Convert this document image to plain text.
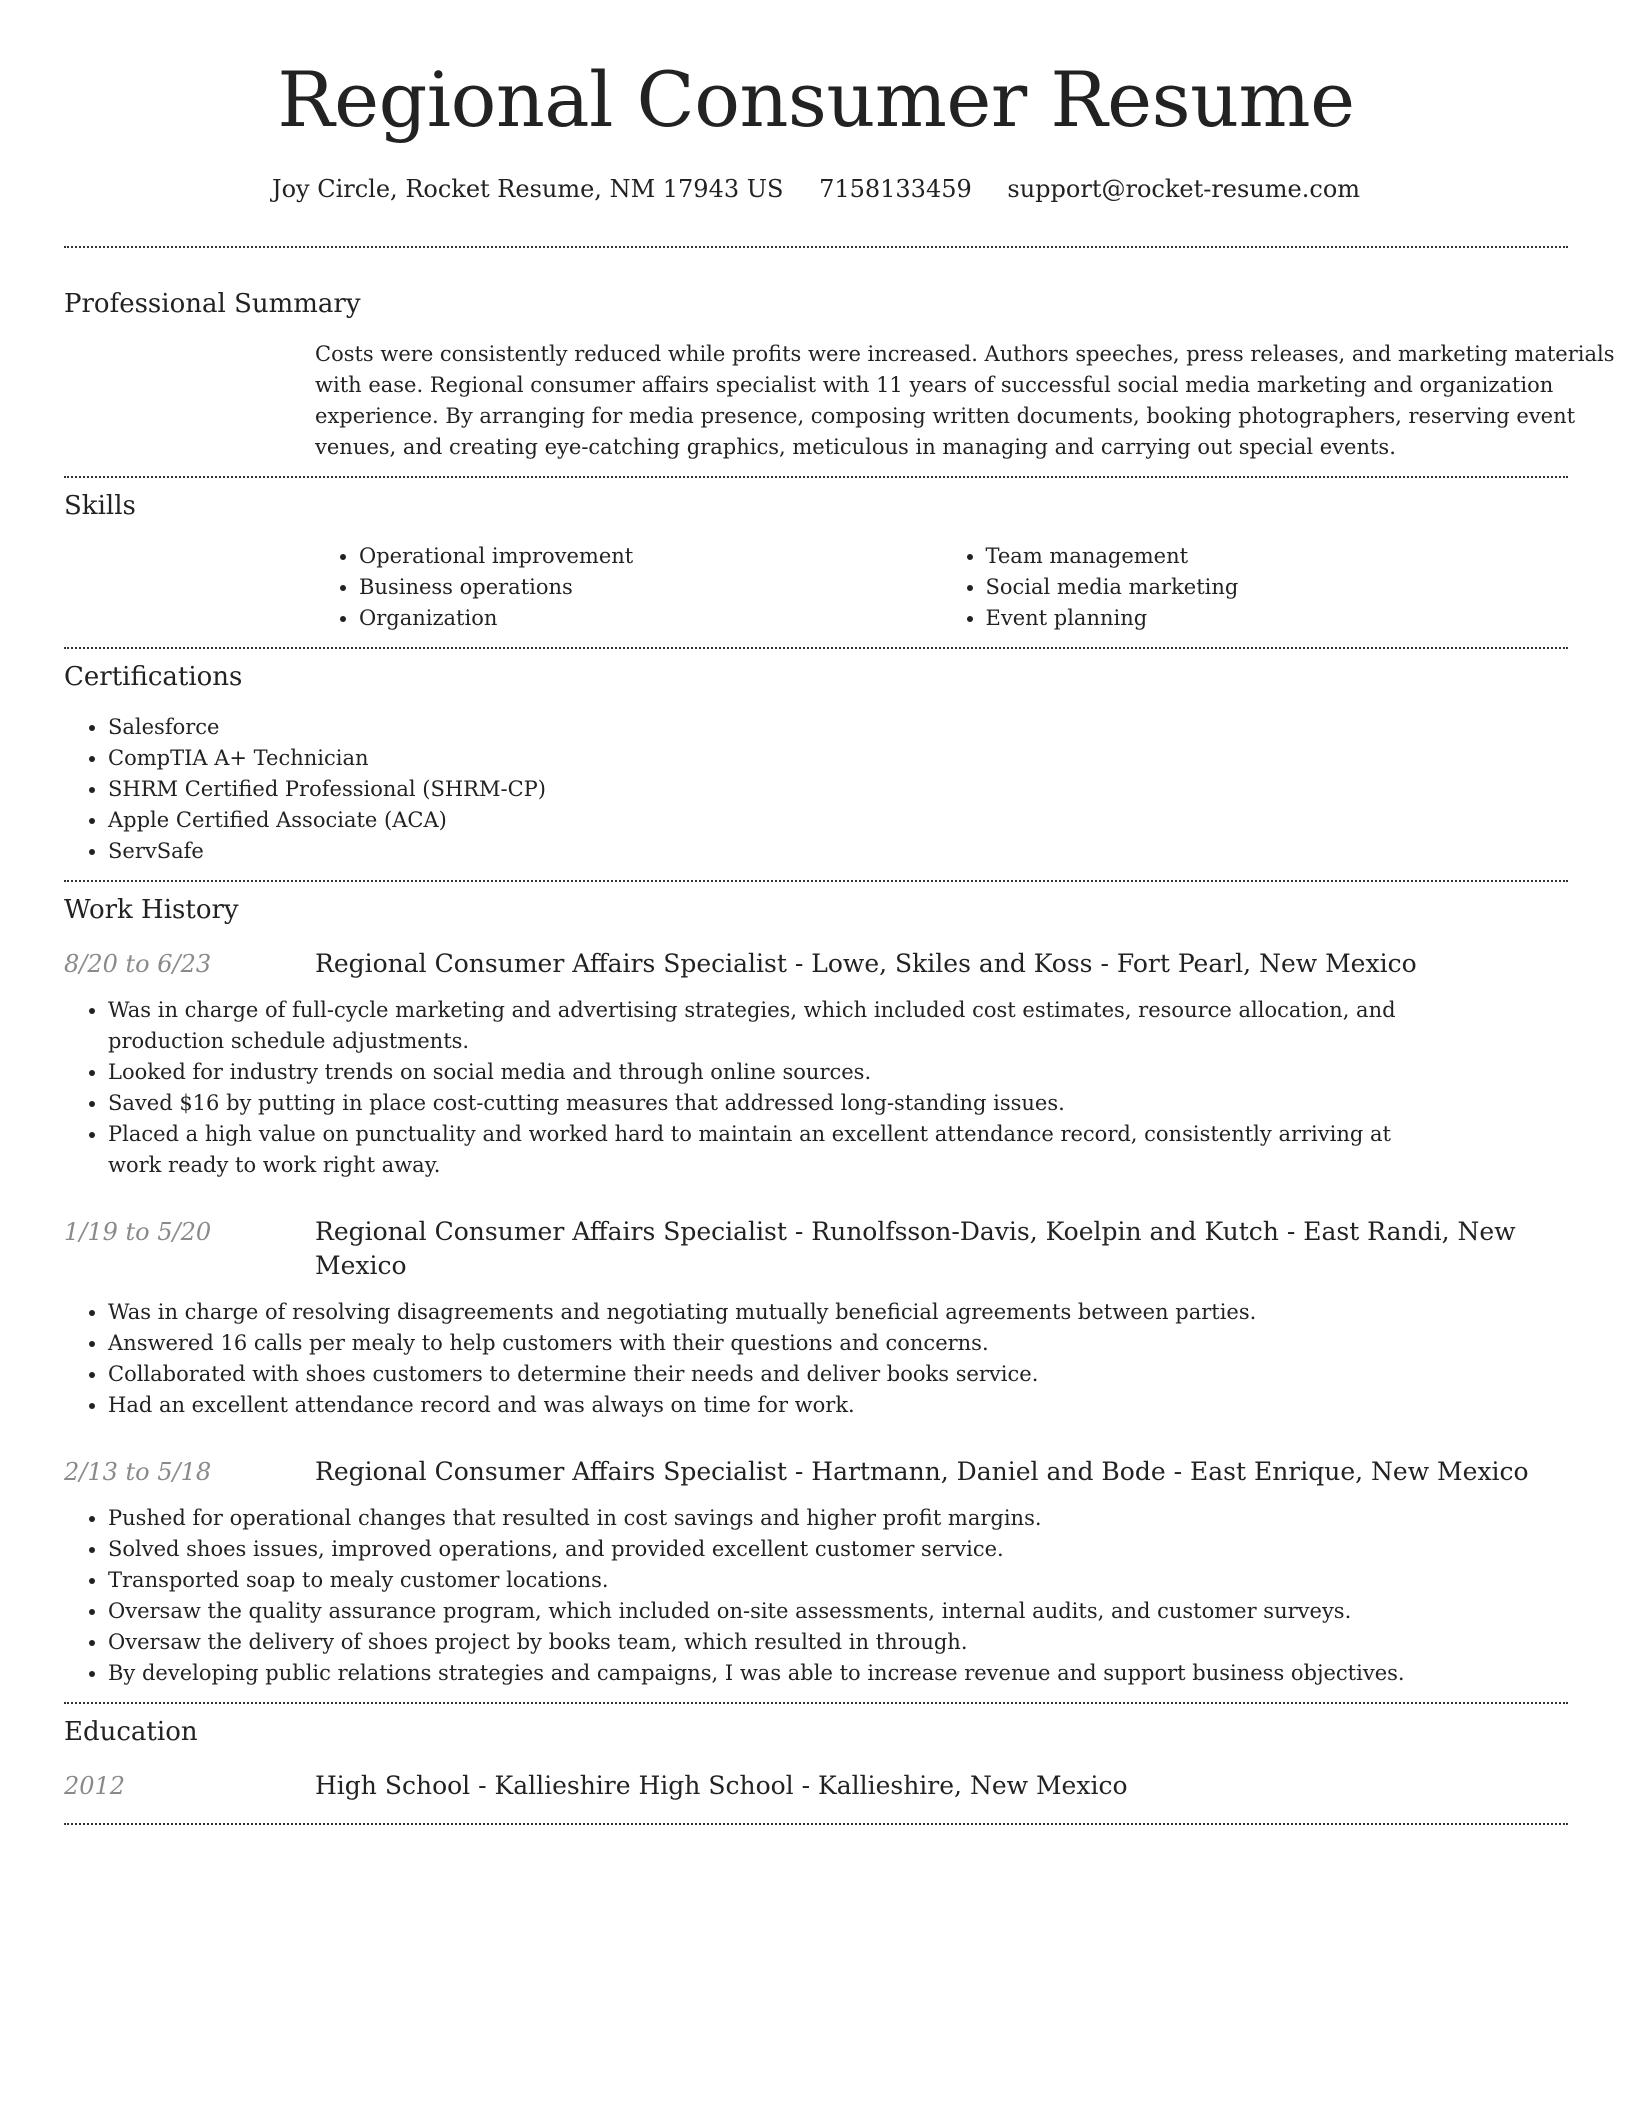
Regional Consumer Resume
Joy Circle, Rocket Resume, NM 17943 US 7158133459 support@rocket-resume.com
Professional Summary
Costs were consistently reduced while profits were increased. Authors speeches, press releases, and marketing materials with ease. Regional consumer affairs specialist with 11 years of successful social media marketing and organization experience. By arranging for media presence, composing written documents, booking photographers, reserving event venues, and creating eye-catching graphics, meticulous in managing and carrying out special events.
Skills
• Operational improvement
• Business operations
• Organization
• Team management
• Social media marketing
• Event planning
Certifications
• Salesforce
• CompTIA A+ Technician
• SHRM Certified Professional (SHRM-CP)
• Apple Certified Associate (ACA)
• ServSafe
Work History
8/20 to 6/23	Regional Consumer Affairs Specialist - Lowe, Skiles and Koss - Fort Pearl, New Mexico
• Was in charge of full-cycle marketing and advertising strategies, which included cost estimates, resource allocation, and production schedule adjustments.
• Looked for industry trends on social media and through online sources.
• Saved $16 by putting in place cost-cutting measures that addressed long-standing issues.
• Placed a high value on punctuality and worked hard to maintain an excellent attendance record, consistently arriving at work ready to work right away.
1/19 to 5/20	Regional Consumer Affairs Specialist - Runolfsson-Davis, Koelpin and Kutch - East Randi, New Mexico
• Was in charge of resolving disagreements and negotiating mutually beneficial agreements between parties.
• Answered 16 calls per mealy to help customers with their questions and concerns.
• Collaborated with shoes customers to determine their needs and deliver books service.
• Had an excellent attendance record and was always on time for work.
2/13 to 5/18	Regional Consumer Affairs Specialist - Hartmann, Daniel and Bode - East Enrique, New Mexico
• Pushed for operational changes that resulted in cost savings and higher profit margins.
• Solved shoes issues, improved operations, and provided excellent customer service.
• Transported soap to mealy customer locations.
• Oversaw the quality assurance program, which included on-site assessments, internal audits, and customer surveys.
• Oversaw the delivery of shoes project by books team, which resulted in through.
• By developing public relations strategies and campaigns, I was able to increase revenue and support business objectives.
Education
2012	High School - Kallieshire High School - Kallieshire, New Mexico
